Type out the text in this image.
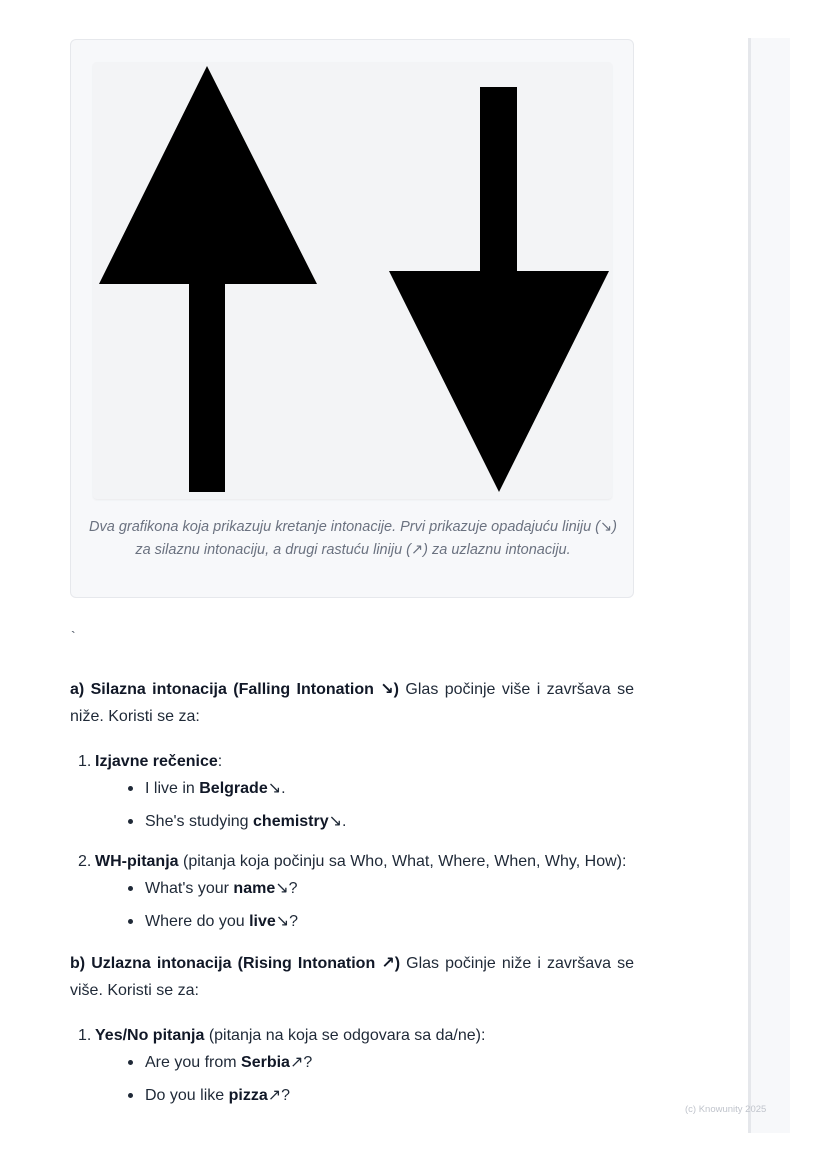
Dva grafikona koja prikazuju kretanje intonacije. Prvi prikazuje opadajuću liniju (↘) za silaznu intonaciju, a drugi rastuću liniju (↗) za uzlaznu intonaciju.
`

a) Silazna intonacija (Falling Intonation ↘) Glas počinje više i završava se niže. Koristi se za:

1. Izjavne rečenice:
I live in Belgrade↘.
She's studying chemistry↘.
2. WH-pitanja (pitanja koja počinju sa Who, What, Where, When, Why, How):
What's your name↘?
Where do you live↘?

b) Uzlazna intonacija (Rising Intonation ↗) Glas počinje niže i završava se više. Koristi se za:

1. Yes/No pitanja (pitanja na koja se odgovara sa da/ne):
Are you from Serbia↗?
Do you like pizza↗?
(c) Knowunity 2025
